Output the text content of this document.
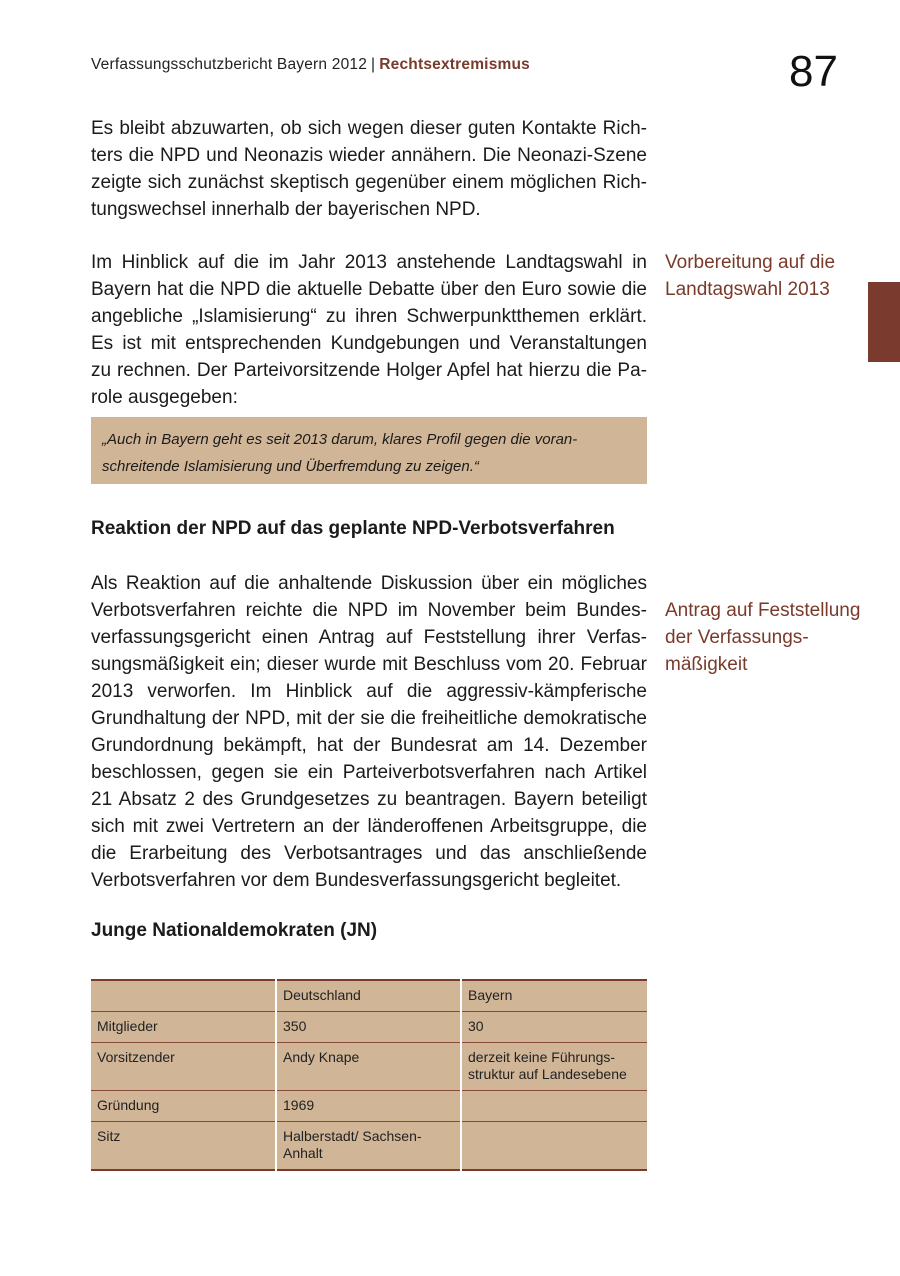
Verfassungsschutzbericht Bayern 2012 | Rechtsextremismus	87

Es bleibt abzuwarten, ob sich wegen dieser guten Kontakte Richters die NPD und Neonazis wieder annähern. Die Neonazi-Szene zeigte sich zunächst skeptisch gegenüber einem möglichen Richtungswechsel innerhalb der bayerischen NPD.

Im Hinblick auf die im Jahr 2013 anstehende Landtagswahl in Bayern hat die NPD die aktuelle Debatte über den Euro sowie die angebliche „Islamisierung“ zu ihren Schwerpunktthemen erklärt. Es ist mit entsprechenden Kundgebungen und Veranstaltungen zu rechnen. Der Parteivorsitzende Holger Apfel hat hierzu die Parole ausgegeben:

Vorbereitung auf die Landtagswahl 2013
„Auch in Bayern geht es seit 2013 darum, klares Profil gegen die voranschreitende Islamisierung und Überfremdung zu zeigen.“
Reaktion der NPD auf das geplante NPD-Verbotsverfahren

Als Reaktion auf die anhaltende Diskussion über ein mögliches Verbotsverfahren reichte die NPD im November beim Bundesverfassungsgericht einen Antrag auf Feststellung ihrer Verfassungsmäßigkeit ein; dieser wurde mit Beschluss vom 20. Februar 2013 verworfen. Im Hinblick auf die aggressiv-kämpferische Grundhaltung der NPD, mit der sie die freiheitliche demokratische Grundordnung bekämpft, hat der Bundesrat am 14. Dezember beschlossen, gegen sie ein Parteiverbotsverfahren nach Artikel 21 Absatz 2 des Grundgesetzes zu beantragen. Bayern beteiligt sich mit zwei Vertretern an der länderoffenen Arbeitsgruppe, die die Erarbeitung des Verbotsantrages und das anschließende Verbotsverfahren vor dem Bundesverfassungsgericht begleitet.

Antrag auf Feststellung der Verfassungsmäßigkeit
Junge Nationaldemokraten (JN)
	Deutschland	Bayern
Mitglieder	350	30
Vorsitzender	Andy Knape	derzeit keine Führungsstruktur auf Landesebene
Gründung	1969	
Sitz	Halberstadt/ Sachsen-Anhalt	
